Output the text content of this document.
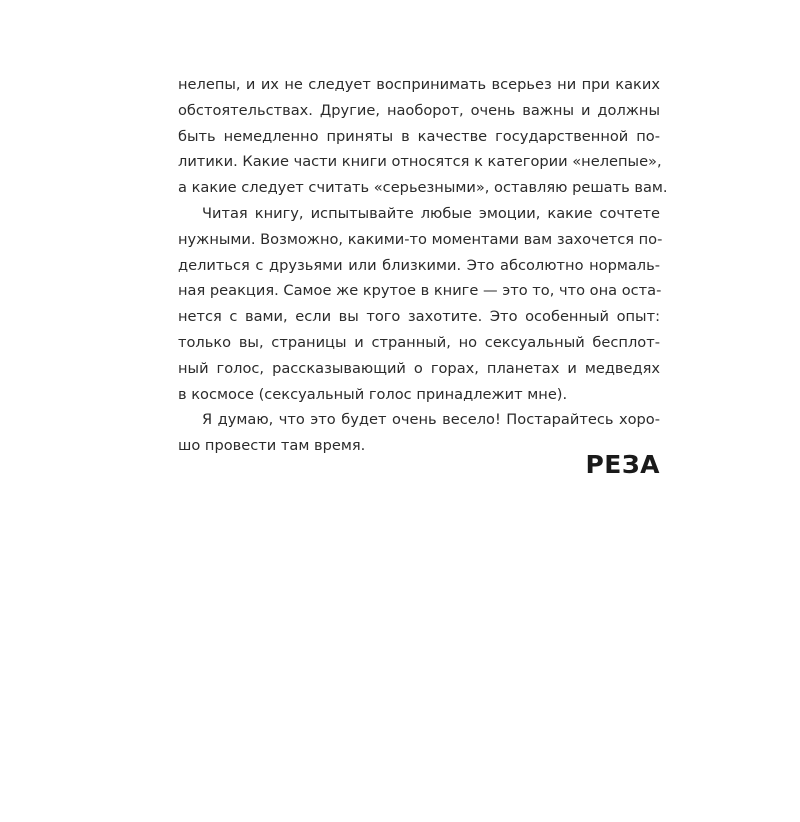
нелепы, и их не следует воспринимать всерьез ни при каких
обстоятельствах. Другие, наоборот, очень важны и должны
быть немедленно приняты в качестве государственной по-
литики. Какие части книги относятся к категории «нелепые»,
а какие следует считать «серьезными», оставляю решать вам.
Читая книгу, испытывайте любые эмоции, какие сочтете
нужными. Возможно, какими-то моментами вам захочется по-
делиться с друзьями или близкими. Это абсолютно нормаль-
ная реакция. Самое же крутое в книге — это то, что она оста-
нется с вами, если вы того захотите. Это особенный опыт:
только вы, страницы и странный, но сексуальный бесплот-
ный голос, рассказывающий о горах, планетах и медведях
в космосе (сексуальный голос принадлежит мне).
Я думаю, что это будет очень весело! Постарайтесь хоро-
шо провести там время.
РЕЗА
